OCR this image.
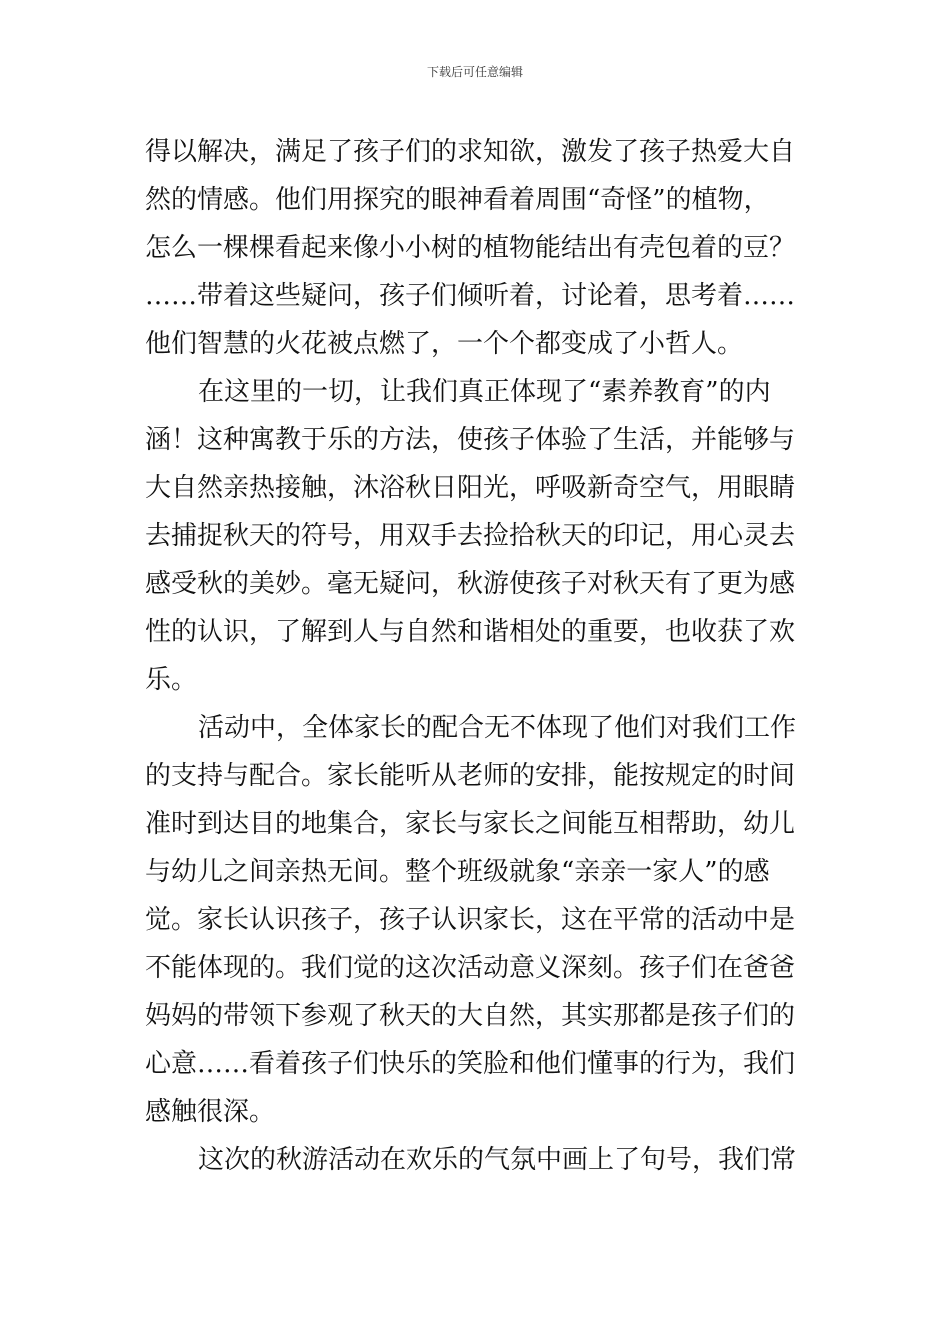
下载后可任意编辑
得以解决，满足了孩子们的求知欲，激发了孩子热爱大自
然的情感。他们用探究的眼神看着周围“奇怪”的植物，
怎么一棵棵看起来像小小树的植物能结出有壳包着的豆？
……带着这些疑问，孩子们倾听着，讨论着，思考着……
他们智慧的火花被点燃了，一个个都变成了小哲人。
在这里的一切，让我们真正体现了“素养教育”的内
涵！这种寓教于乐的方法，使孩子体验了生活，并能够与
大自然亲热接触，沐浴秋日阳光，呼吸新奇空气，用眼睛
去捕捉秋天的符号，用双手去捡拾秋天的印记，用心灵去
感受秋的美妙。毫无疑问，秋游使孩子对秋天有了更为感
性的认识，了解到人与自然和谐相处的重要，也收获了欢
乐。
活动中，全体家长的配合无不体现了他们对我们工作
的支持与配合。家长能听从老师的安排，能按规定的时间
准时到达目的地集合，家长与家长之间能互相帮助，幼儿
与幼儿之间亲热无间。整个班级就象“亲亲一家人”的感
觉。家长认识孩子，孩子认识家长，这在平常的活动中是
不能体现的。我们觉的这次活动意义深刻。孩子们在爸爸
妈妈的带领下参观了秋天的大自然，其实那都是孩子们的
心意……看着孩子们快乐的笑脸和他们懂事的行为，我们
感触很深。
这次的秋游活动在欢乐的气氛中画上了句号，我们常
